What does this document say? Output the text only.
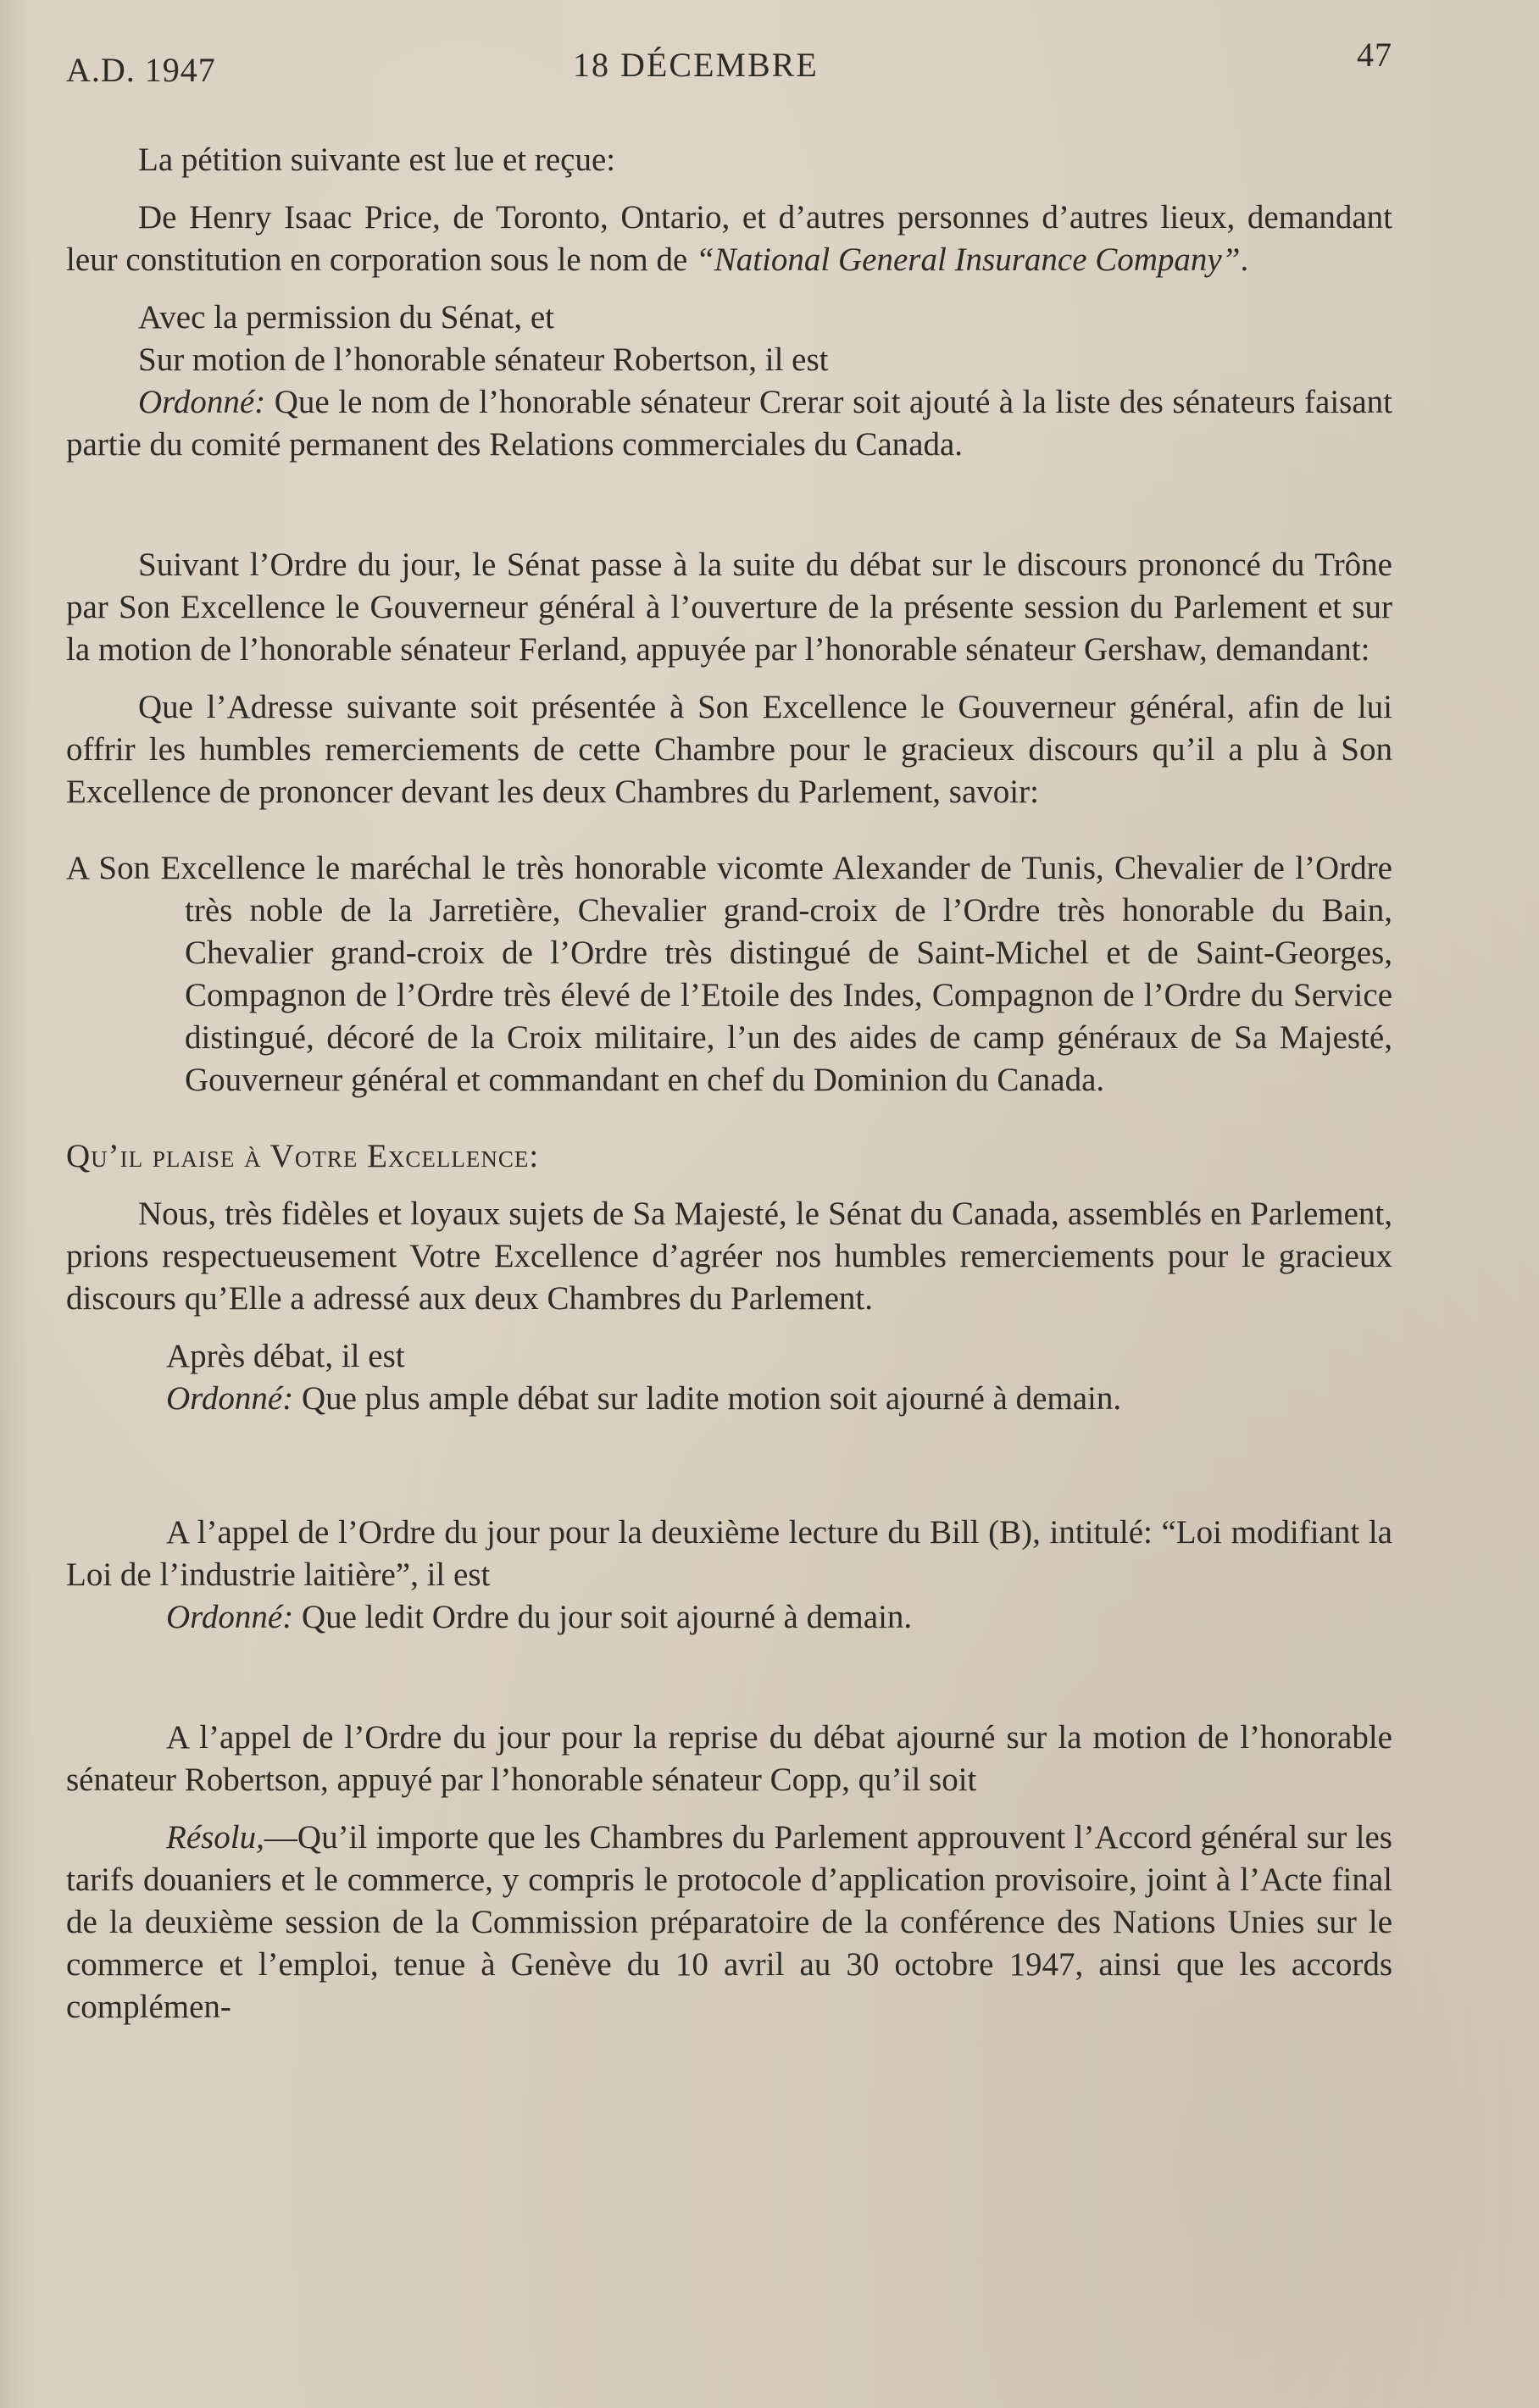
A.D. 1947	18 DÉCEMBRE	47

La pétition suivante est lue et reçue:

De Henry Isaac Price, de Toronto, Ontario, et d’autres personnes d’autres lieux, demandant leur constitution en corporation sous le nom de “National General Insurance Company”.

Avec la permission du Sénat, et

Sur motion de l’honorable sénateur Robertson, il est

Ordonné: Que le nom de l’honorable sénateur Crerar soit ajouté à la liste des sénateurs faisant partie du comité permanent des Relations commerciales du Canada.

Suivant l’Ordre du jour, le Sénat passe à la suite du débat sur le discours prononcé du Trône par Son Excellence le Gouverneur général à l’ouverture de la présente session du Parlement et sur la motion de l’honorable sénateur Ferland, appuyée par l’honorable sénateur Gershaw, demandant:

Que l’Adresse suivante soit présentée à Son Excellence le Gouverneur général, afin de lui offrir les humbles remerciements de cette Chambre pour le gracieux discours qu’il a plu à Son Excellence de prononcer devant les deux Chambres du Parlement, savoir:

A Son Excellence le maréchal le très honorable vicomte Alexander de Tunis, Chevalier de l’Ordre très noble de la Jarretière, Chevalier grand-croix de l’Ordre très honorable du Bain, Chevalier grand-croix de l’Ordre très distingué de Saint-Michel et de Saint-Georges, Compagnon de l’Ordre très élevé de l’Etoile des Indes, Compagnon de l’Ordre du Service distingué, décoré de la Croix militaire, l’un des aides de camp généraux de Sa Majesté, Gouverneur général et commandant en chef du Dominion du Canada.

Qu’il plaise à Votre Excellence:

Nous, très fidèles et loyaux sujets de Sa Majesté, le Sénat du Canada, assemblés en Parlement, prions respectueusement Votre Excellence d’agréer nos humbles remerciements pour le gracieux discours qu’Elle a adressé aux deux Chambres du Parlement.

Après débat, il est

Ordonné: Que plus ample débat sur ladite motion soit ajourné à demain.

A l’appel de l’Ordre du jour pour la deuxième lecture du Bill (B), intitulé: “Loi modifiant la Loi de l’industrie laitière”, il est

Ordonné: Que ledit Ordre du jour soit ajourné à demain.

A l’appel de l’Ordre du jour pour la reprise du débat ajourné sur la motion de l’honorable sénateur Robertson, appuyé par l’honorable sénateur Copp, qu’il soit

Résolu,—Qu’il importe que les Chambres du Parlement approuvent l’Accord général sur les tarifs douaniers et le commerce, y compris le protocole d’application provisoire, joint à l’Acte final de la deuxième session de la Commission préparatoire de la conférence des Nations Unies sur le commerce et l’emploi, tenue à Genève du 10 avril au 30 octobre 1947, ainsi que les accords complémen-
